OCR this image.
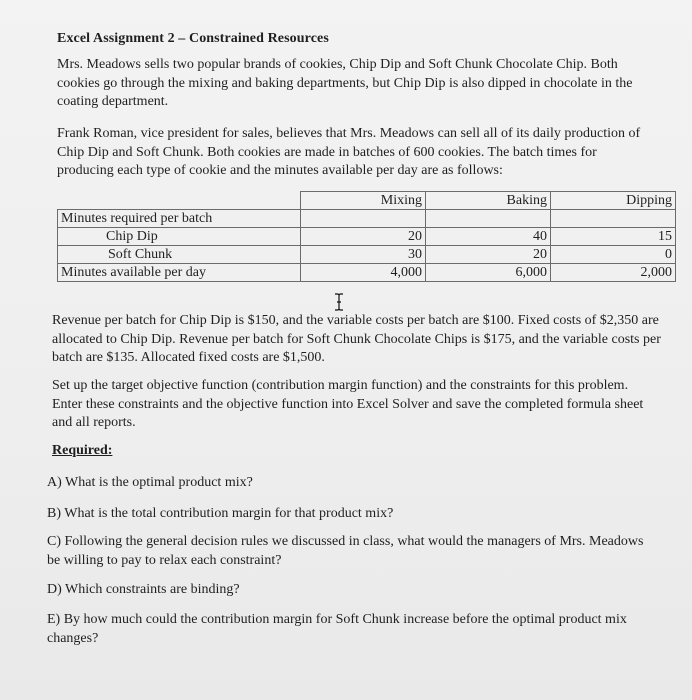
Excel Assignment 2 – Constrained Resources

Mrs. Meadows sells two popular brands of cookies, Chip Dip and Soft Chunk Chocolate Chip. Both cookies go through the mixing and baking departments, but Chip Dip is also dipped in chocolate in the coating department.

Frank Roman, vice president for sales, believes that Mrs. Meadows can sell all of its daily production of Chip Dip and Soft Chunk. Both cookies are made in batches of 600 cookies. The batch times for producing each type of cookie and the minutes available per day are as follows:

	Mixing	Baking	Dipping
Minutes required per batch			
Chip Dip	20	40	15
Soft Chunk	30	20	0
Minutes available per day	4,000	6,000	2,000

Revenue per batch for Chip Dip is $150, and the variable costs per batch are $100. Fixed costs of $2,350 are allocated to Chip Dip. Revenue per batch for Soft Chunk Chocolate Chips is $175, and the variable costs per batch are $135. Allocated fixed costs are $1,500.

Set up the target objective function (contribution margin function) and the constraints for this problem. Enter these constraints and the objective function into Excel Solver and save the completed formula sheet and all reports.

Required:

A) What is the optimal product mix?

B) What is the total contribution margin for that product mix?

C) Following the general decision rules we discussed in class, what would the managers of Mrs. Meadows be willing to pay to relax each constraint?

D) Which constraints are binding?

E) By how much could the contribution margin for Soft Chunk increase before the optimal product mix changes?
